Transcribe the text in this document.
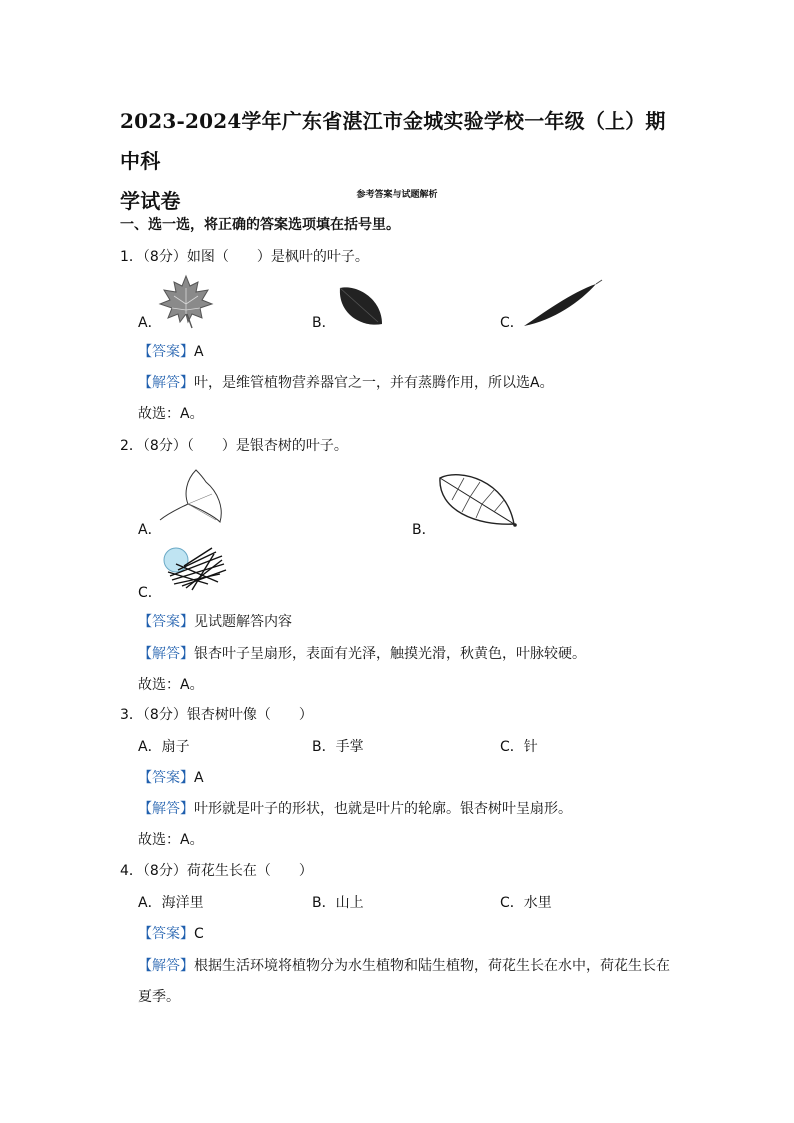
2023-2024学年广东省湛江市金城实验学校一年级（上）期中科
学试卷	参考答案与试题解析
一、选一选，将正确的答案选项填在括号里。
1．（8分）如图（　　）是枫叶的叶子。
A．	B．	C．
【答案】A
【解答】叶，是维管植物营养器官之一，并有蒸腾作用，所以选A。
故选：A。
2．（8分）（　　）是银杏树的叶子。
A．	B．
C．
【答案】见试题解答内容
【解答】银杏叶子呈扇形，表面有光泽，触摸光滑，秋黄色，叶脉较硬。
故选：A。
3．（8分）银杏树叶像（　　）
A．扇子	B．手掌	C．针
【答案】A
【解答】叶形就是叶子的形状，也就是叶片的轮廓。银杏树叶呈扇形。
故选：A。
4．（8分）荷花生长在（　　）
A．海洋里	B．山上	C．水里
【答案】C
【解答】根据生活环境将植物分为水生植物和陆生植物，荷花生长在水中，荷花生长在
夏季。
